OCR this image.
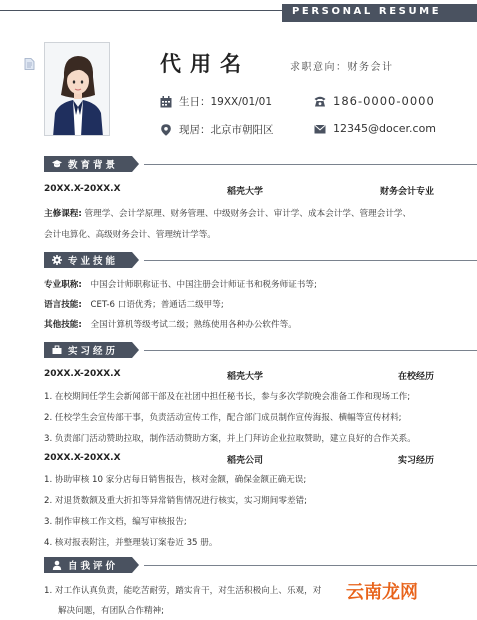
PERSONAL RESUME
代用名	求职意向：财务会计
生日：19XX/01/01	186-0000-0000
现居：北京市朝阳区	12345@docer.com
教育背景
20XX.X-20XX.X	稻壳大学	财务会计专业
主修课程: 管理学、会计学原理、财务管理、中级财务会计、审计学、成本会计学、管理会计学、
会计电算化、高级财务会计、管理统计学等。
专业技能
专业职称: 中国会计师职称证书、中国注册会计师证书和税务师证书等;
语言技能: CET-6 口语优秀；普通话二级甲等;
其他技能: 全国计算机等级考试二级；熟练使用各种办公软件等。
实习经历
20XX.X-20XX.X	稻壳大学	在校经历
1. 在校期间任学生会新闻部干部及在社团中担任秘书长，参与多次学院晚会准备工作和现场工作;
2. 任校学生会宣传部干事，负责活动宣传工作，配合部门成员制作宣传海报、横幅等宣传材料;
3. 负责部门活动赞助拉取，制作活动赞助方案，并上门拜访企业拉取赞助，建立良好的合作关系。
20XX.X-20XX.X	稻壳公司	实习经历
1. 协助审核 10 家分店每日销售报告，核对金额，确保金额正确无误;
2. 对退货数额及重大折扣等异常销售情况进行核实，实习期间零差错;
3. 制作审核工作文档，编写审核报告;
4. 核对报表附注，并整理装订案卷近 35 册。
自我评价
1. 对工作认真负责，能吃苦耐劳，踏实肯干，对生活积极向上、乐观，对
解决问题，有团队合作精神;
云南龙网
